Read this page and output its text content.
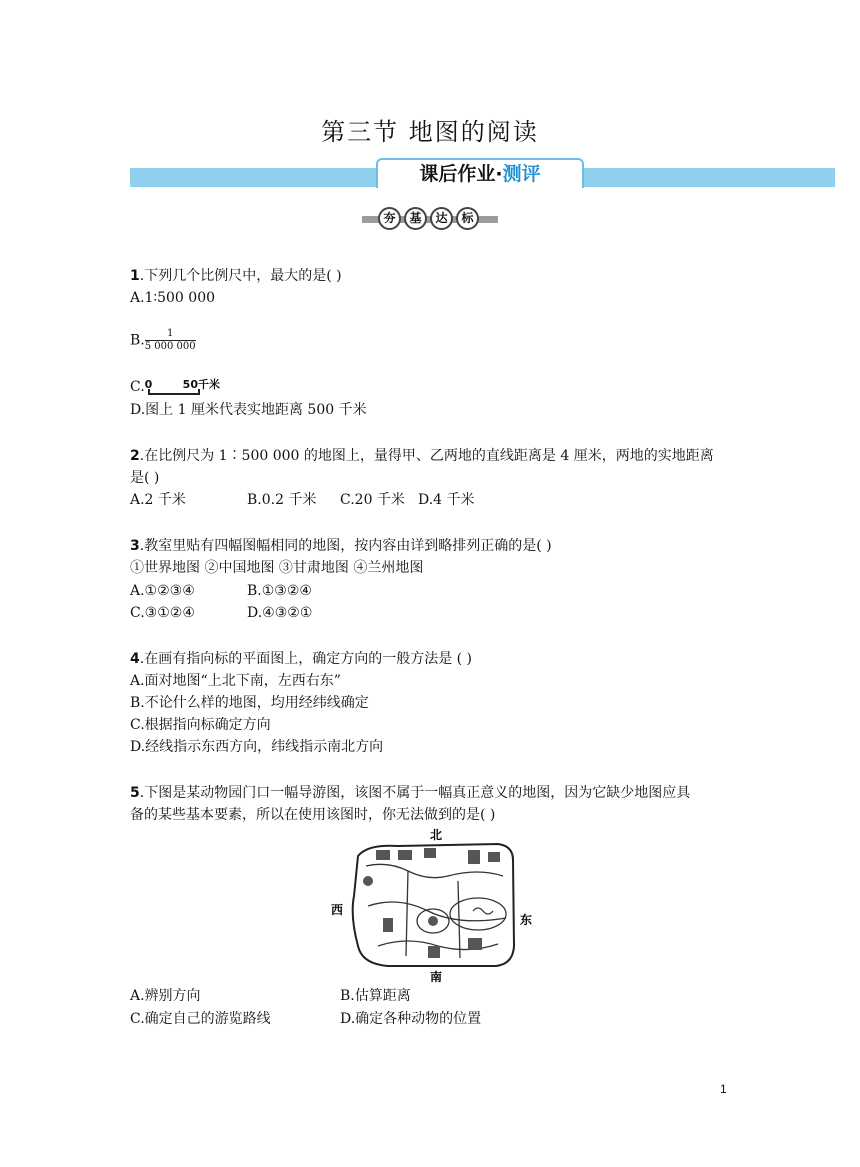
第三节 地图的阅读
课后作业·测评
夯	基	达	标
1.下列几个比例尺中，最大的是( )
A.1∶500 000
B. $\frac{1}{5 000 000}$
C. 0	50千米
D.图上 1 厘米代表实地距离 500 千米
2.在比例尺为 1∶500 000 的地图上，量得甲、乙两地的直线距离是 4 厘米，两地的实地距离
是( )
A.2 千米	B.0.2 千米 C.20 千米 D.4 千米
3.教室里贴有四幅图幅相同的地图，按内容由详到略排列正确的是( )
①世界地图 ②中国地图 ③甘肃地图 ④兰州地图
A.①②③④	B.①③②④
C.③①②④	D.④③②①
4.在画有指向标的平面图上，确定方向的一般方法是 ( )
A.面对地图“上北下南，左西右东”
B.不论什么样的地图，均用经纬线确定
C.根据指向标确定方向
D.经线指示东西方向，纬线指示南北方向
5.下图是某动物园门口一幅导游图，该图不属于一幅真正意义的地图，因为它缺少地图应具
备的某些基本要素，所以在使用该图时，你无法做到的是( )
北
南
西
东
A.辨别方向	B.估算距离
C.确定自己的游览路线	D.确定各种动物的位置
1
